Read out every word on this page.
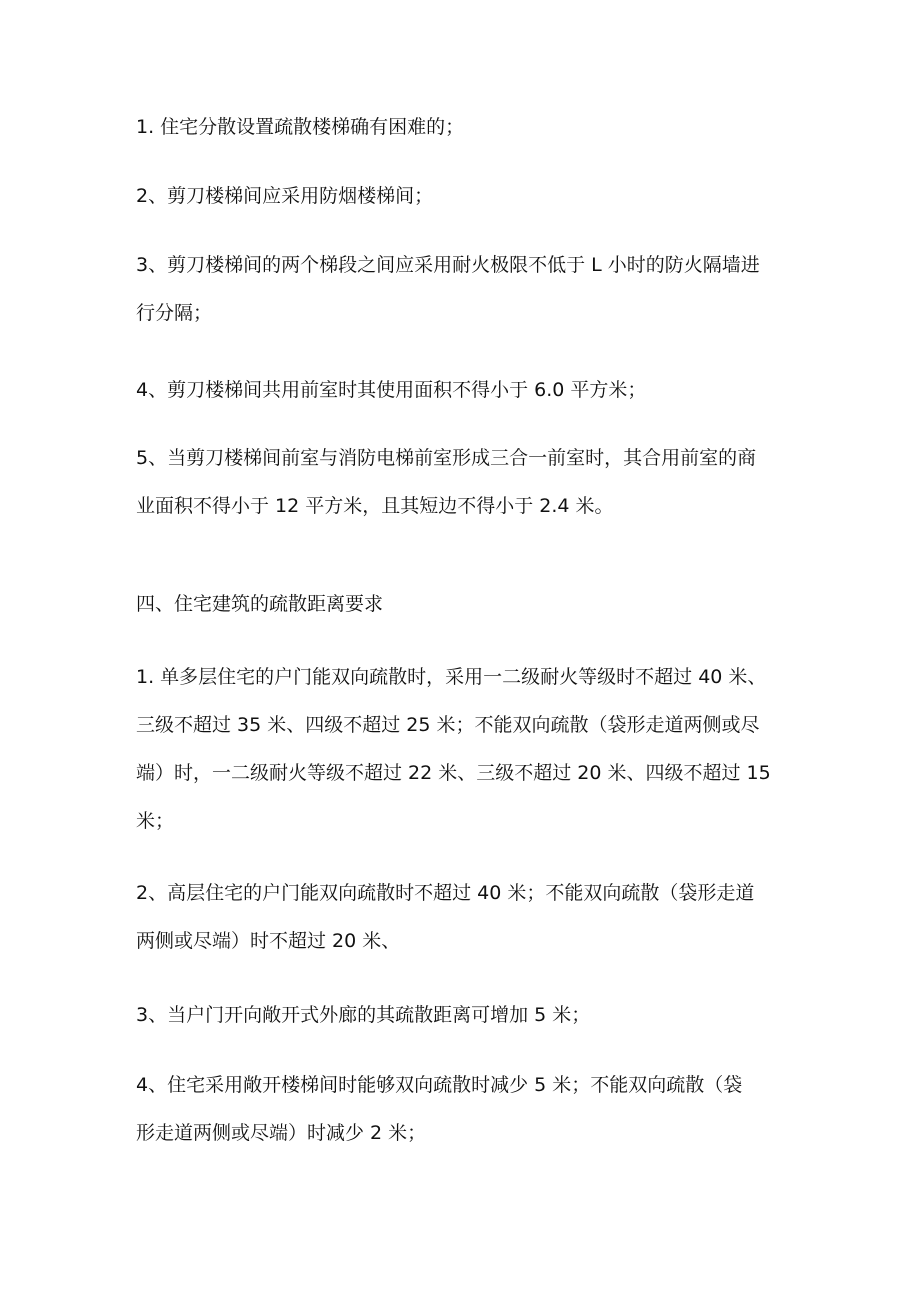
1. 住宅分散设置疏散楼梯确有困难的；

2、剪刀楼梯间应采用防烟楼梯间；

3、剪刀楼梯间的两个梯段之间应采用耐火极限不低于 L 小时的防火隔墙进
行分隔；

4、剪刀楼梯间共用前室时其使用面积不得小于 6.0 平方米；

5、当剪刀楼梯间前室与消防电梯前室形成三合一前室时，其合用前室的商
业面积不得小于 12 平方米，且其短边不得小于 2.4 米。

四、住宅建筑的疏散距离要求

1. 单多层住宅的户门能双向疏散时，采用一二级耐火等级时不超过 40 米、
三级不超过 35 米、四级不超过 25 米；不能双向疏散（袋形走道两侧或尽
端）时，一二级耐火等级不超过 22 米、三级不超过 20 米、四级不超过 15
米；

2、高层住宅的户门能双向疏散时不超过 40 米；不能双向疏散（袋形走道
两侧或尽端）时不超过 20 米、

3、当户门开向敞开式外廊的其疏散距离可增加 5 米；

4、住宅采用敞开楼梯间时能够双向疏散时减少 5 米；不能双向疏散（袋
形走道两侧或尽端）时减少 2 米；
